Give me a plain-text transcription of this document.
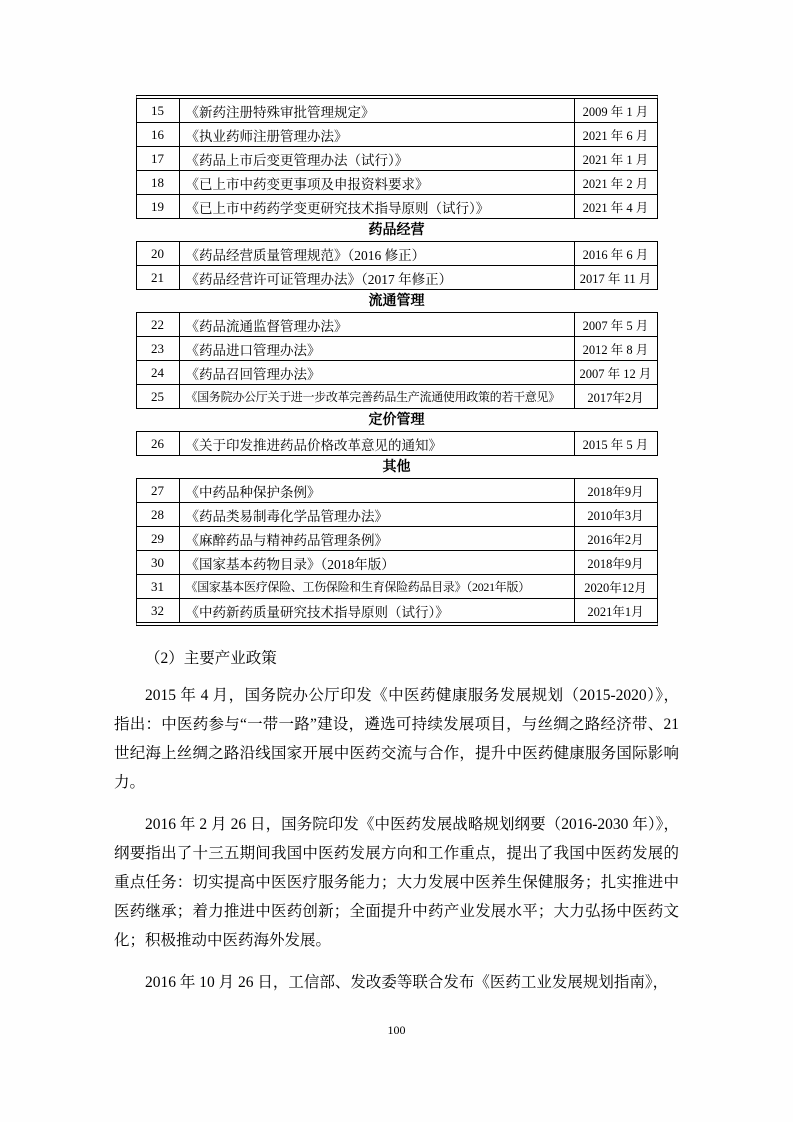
15	《新药注册特殊审批管理规定》	2009 年 1 月
16	《执业药师注册管理办法》	2021 年 6 月
17	《药品上市后变更管理办法（试行）》	2021 年 1 月
18	《已上市中药变更事项及申报资料要求》	2021 年 2 月
19	《已上市中药药学变更研究技术指导原则（试行）》	2021 年 4 月
药品经营
20	《药品经营质量管理规范》（2016 修正）	2016 年 6 月
21	《药品经营许可证管理办法》（2017 年修正）	2017 年 11 月
流通管理
22	《药品流通监督管理办法》	2007 年 5 月
23	《药品进口管理办法》	2012 年 8 月
24	《药品召回管理办法》	2007 年 12 月
25	《国务院办公厅关于进一步改革完善药品生产流通使用政策的若干意见》	2017年2月
定价管理
26	《关于印发推进药品价格改革意见的通知》	2015 年 5 月
其他
27	《中药品种保护条例》	2018年9月
28	《药品类易制毒化学品管理办法》	2010年3月
29	《麻醉药品与精神药品管理条例》	2016年2月
30	《国家基本药物目录》（2018年版）	2018年9月
31	《国家基本医疗保险、工伤保险和生育保险药品目录》（2021年版）	2020年12月
32	《中药新药质量研究技术指导原则（试行）》	2021年1月

（2）主要产业政策

2015 年 4 月，国务院办公厅印发《中医药健康服务发展规划（2015-2020）》，指出：中医药参与“一带一路”建设，遴选可持续发展项目，与丝绸之路经济带、21 世纪海上丝绸之路沿线国家开展中医药交流与合作，提升中医药健康服务国际影响力。

2016 年 2 月 26 日，国务院印发《中医药发展战略规划纲要（2016-2030 年）》，纲要指出了十三五期间我国中医药发展方向和工作重点，提出了我国中医药发展的重点任务：切实提高中医医疗服务能力；大力发展中医养生保健服务；扎实推进中医药继承；着力推进中医药创新；全面提升中药产业发展水平；大力弘扬中医药文化；积极推动中医药海外发展。

2016 年 10 月 26 日，工信部、发改委等联合发布《医药工业发展规划指南》，

100
